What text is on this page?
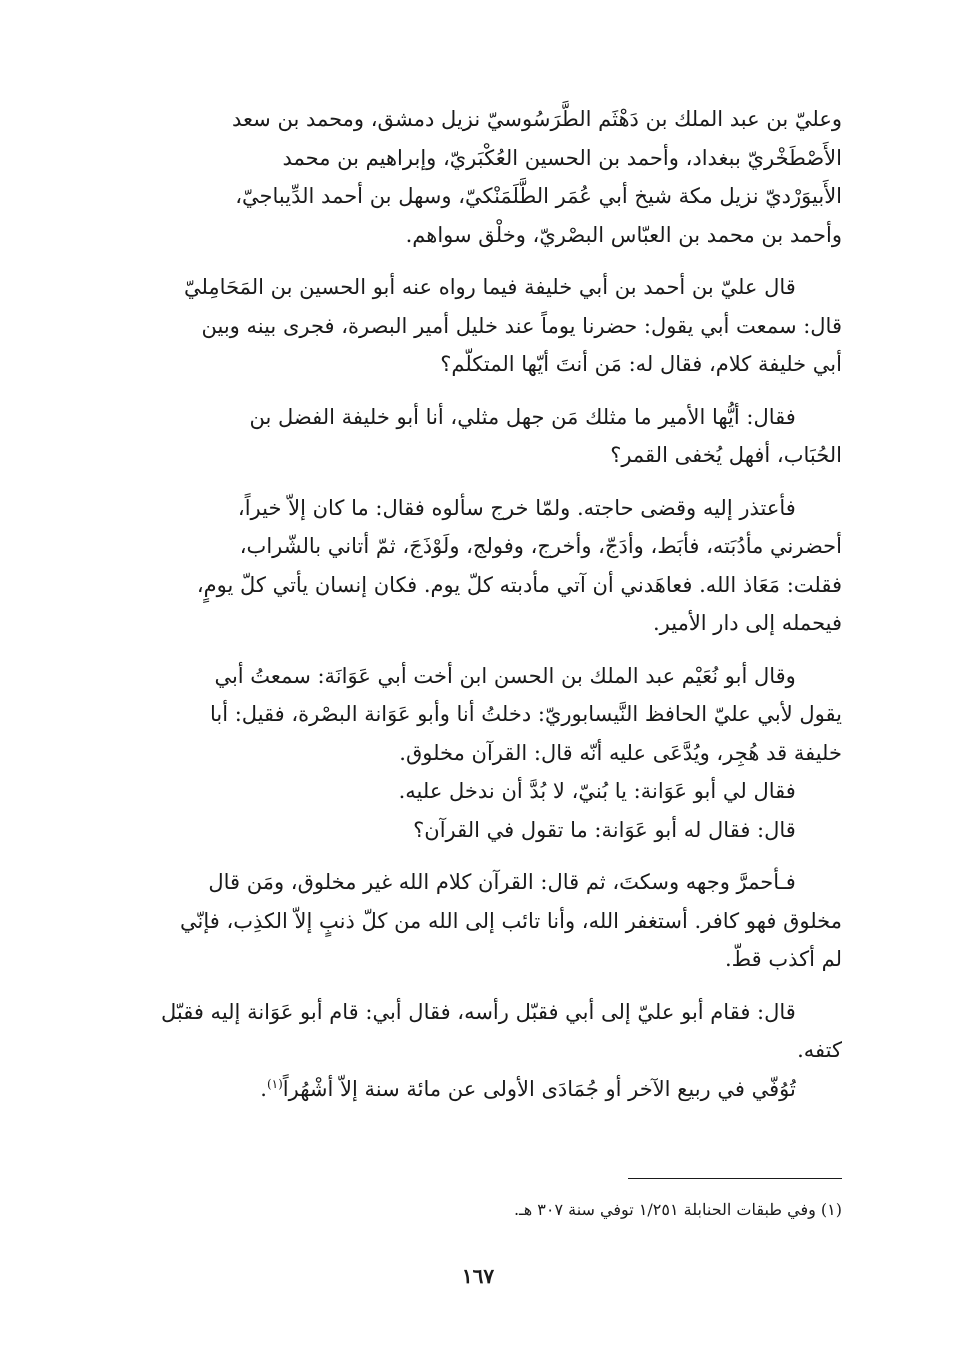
وعليّ بن عبد الملك بن دَهْثَم الطَّرَسُوسيّ نزيل دمشق، ومحمد بن سعد
الأَصْطَخْريّ ببغداد، وأحمد بن الحسين العُكْبَريّ، وإبراهيم بن محمد
الأَبيوَرْديّ نزيل مكة شيخ أبي عُمَر الطَّلَمَنْكيّ، وسهل بن أحمد الدِّيباجيّ،
وأحمد بن محمد بن العبّاس البصْريّ، وخلْق سواهم.
قال عليّ بن أحمد بن أبي خليفة فيما رواه عنه أبو الحسين بن المَحَامِليّ
قال: سمعت أبي يقول: حضرنا يوماً عند خليل أمير البصرة، فجرى بينه وبين
أبي خليفة كلام، فقال له: مَن أنتَ أيّها المتكلّم؟
فقال: أيُّها الأمير ما مثلك مَن جهل مثلي، أنا أبو خليفة الفضل بن
الحُبَاب، أفهل يُخفى القمر؟
فأعتذر إليه وقضى حاجته. ولمّا خرج سألوه فقال: ما كان إلاّ خيراً،
أحضرني مأدُبَته، فأبَط، وأدَجّ، وأخرج، وفولج، ولَوْذَجَ، ثمّ أتاني بالشّراب،
فقلت: مَعَاذ الله. فعاهَدني أن آتي مأدبته كلّ يوم. فكان إنسان يأتي كلّ يومٍ،
فيحمله إلى دار الأمير.
وقال أبو نُعَيْم عبد الملك بن الحسن ابن أخت أبي عَوَانَة: سمعتُ أبي
يقول لأبي عليّ الحافظ النَّيسابوريّ: دخلتُ أنا وأبو عَوَانة البصْرة، فقيل: أبا
خليفة قد هُجِر، ويُدَّعَى عليه أنّه قال: القرآن مخلوق.
فقال لي أبو عَوَانة: يا بُنيّ، لا بُدَّ أن ندخل عليه.
قال: فقال له أبو عَوَانة: ما تقول في القرآن؟
فـأحمرَّ وجهه وسكتَ، ثم قال: القرآن كلام الله غير مخلوق، ومَن قال
مخلوق فهو كافر. أستغفر الله، وأنا تائب إلى الله من كلّ ذنبٍ إلاّ الكذِب، فإنّي
لم أكذب قطّ.
قال: فقام أبو عليّ إلى أبي فقبّل رأسه، فقال أبي: قام أبو عَوَانة إليه فقبّل
كتفه.
تُوُفّي في ربيع الآخر أو جُمَادَى الأولى عن مائة سنة إلاّ أشْهُراً$^{(١)}$.
(١) وفي طبقات الحنابلة ١/٢٥١ توفي سنة ٣٠٧ هـ.
١٦٧
